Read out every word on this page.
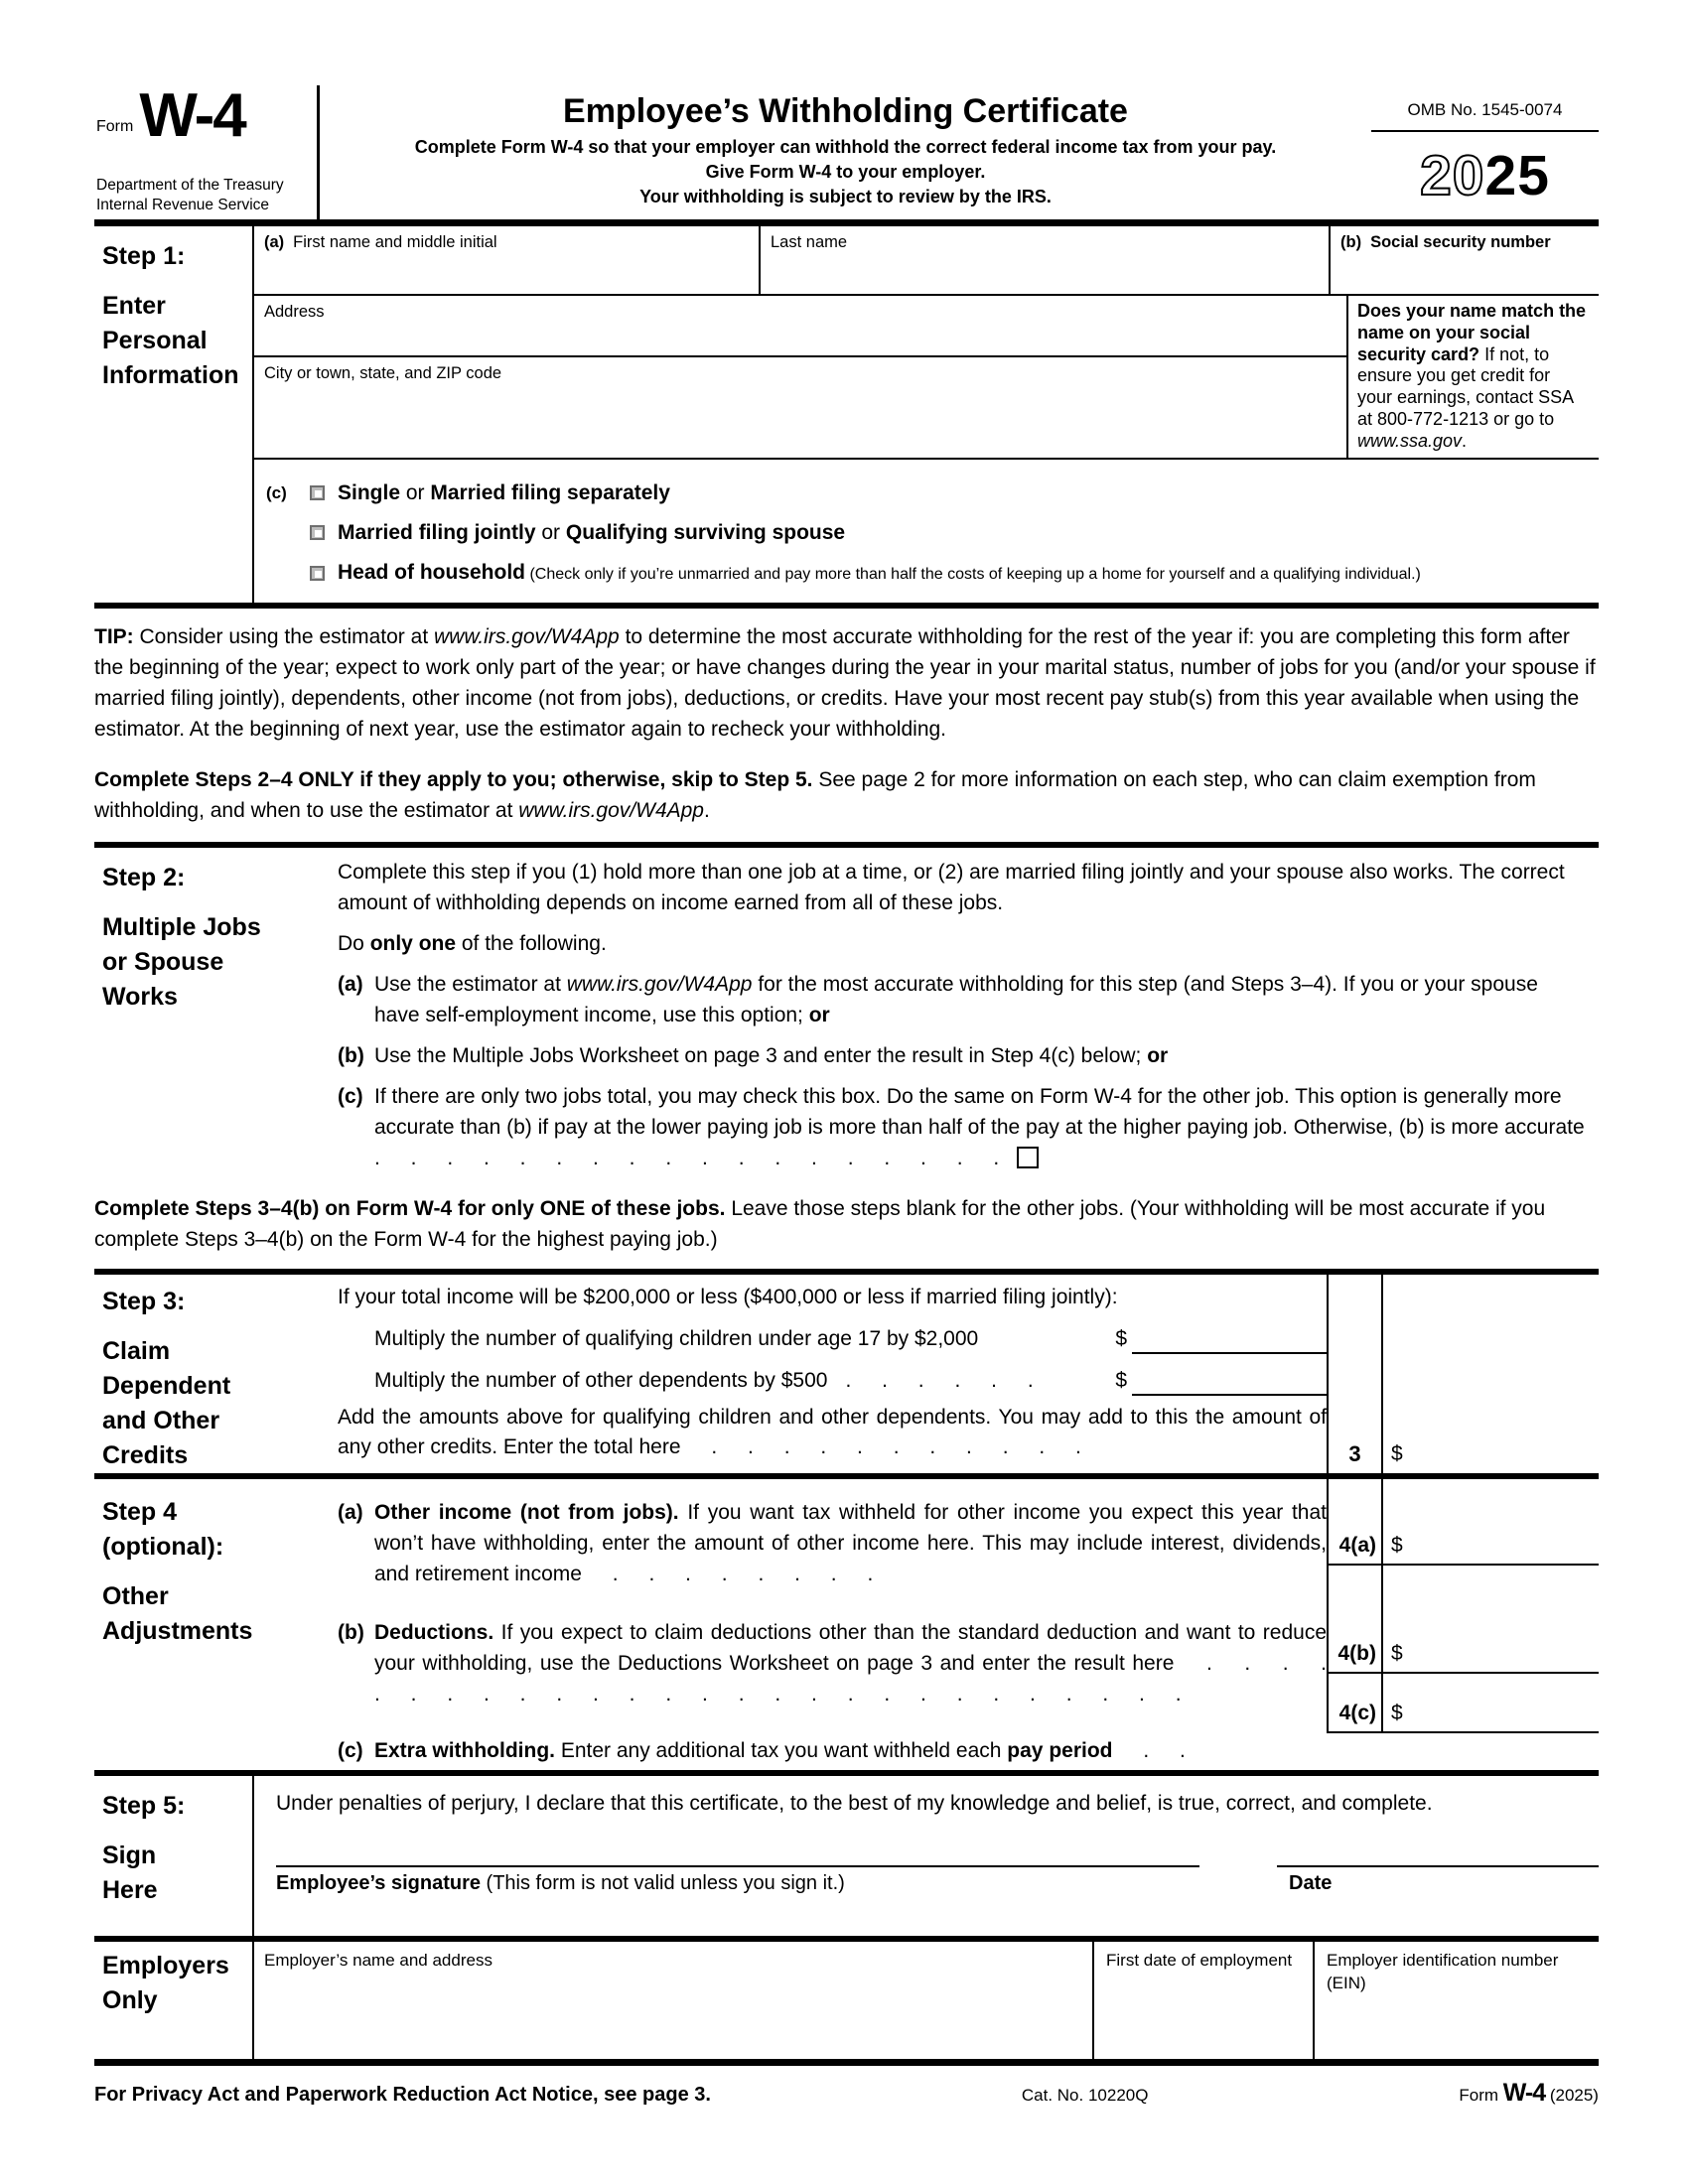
Form W-4
Department of the Treasury
Internal Revenue Service
Employee’s Withholding Certificate
Complete Form W-4 so that your employer can withhold the correct federal income tax from your pay.
Give Form W-4 to your employer.
Your withholding is subject to review by the IRS.
OMB No. 1545-0074
20 25
Step 1:
Enter
Personal
Information
(a) First name and middle initial	Last name	(b) Social security number
Address
City or town, state, and ZIP code
Does your name match the name on your social security card? If not, to ensure you get credit for your earnings, contact SSA at 800-772-1213 or go to www.ssa.gov.
(c)	Single or Married filing separately
Married filing jointly or Qualifying surviving spouse
Head of household (Check only if you’re unmarried and pay more than half the costs of keeping up a home for yourself and a qualifying individual.)
TIP: Consider using the estimator at www.irs.gov/W4App to determine the most accurate withholding for the rest of the year if: you are completing this form after the beginning of the year; expect to work only part of the year; or have changes during the year in your marital status, number of jobs for you (and/or your spouse if married filing jointly), dependents, other income (not from jobs), deductions, or credits. Have your most recent pay stub(s) from this year available when using the estimator. At the beginning of next year, use the estimator again to recheck your withholding.
Complete Steps 2–4 ONLY if they apply to you; otherwise, skip to Step 5. See page 2 for more information on each step, who can claim exemption from withholding, and when to use the estimator at www.irs.gov/W4App.
Step 2:
Multiple Jobs
or Spouse
Works
Complete this step if you (1) hold more than one job at a time, or (2) are married filing jointly and your spouse also works. The correct amount of withholding depends on income earned from all of these jobs.
Do only one of the following.
(a) Use the estimator at www.irs.gov/W4App for the most accurate withholding for this step (and Steps 3–4). If you or your spouse have self-employment income, use this option; or
(b) Use the Multiple Jobs Worksheet on page 3 and enter the result in Step 4(c) below; or
(c) If there are only two jobs total, you may check this box. Do the same on Form W-4 for the other job. This option is generally more accurate than (b) if pay at the lower paying job is more than half of the pay at the higher paying job. Otherwise, (b) is more accurate . . . . . . . . . . . . . . . . . .
Complete Steps 3–4(b) on Form W-4 for only ONE of these jobs. Leave those steps blank for the other jobs. (Your withholding will be most accurate if you complete Steps 3–4(b) on the Form W-4 for the highest paying job.)
Step 3:
Claim
Dependent
and Other
Credits
If your total income will be $200,000 or less ($400,000 or less if married filing jointly):
Multiply the number of qualifying children under age 17 by $2,000	$
Multiply the number of other dependents by $500 . . . . . .	$
Add the amounts above for qualifying children and other dependents. You may add to this the amount of any other credits. Enter the total here . . . . . . . . . . .	3	$
Step 4
(optional):
Other
Adjustments
(a) Other income (not from jobs). If you want tax withheld for other income you expect this year that won’t have withholding, enter the amount of other income here. This may include interest, dividends, and retirement income . . . . . . . .
(b) Deductions. If you expect to claim deductions other than the standard deduction and want to reduce your withholding, use the Deductions Worksheet on page 3 and enter the result here . . . . . . . . . . . . . . . . . . . . . . . . . . .
(c) Extra withholding. Enter any additional tax you want withheld each pay period . .
4(a) $
4(b) $
4(c) $
Step 5:
Sign
Here
Under penalties of perjury, I declare that this certificate, to the best of my knowledge and belief, is true, correct, and complete.
Employee’s signature (This form is not valid unless you sign it.)	Date
Employers
Only
Employer’s name and address	First date of employment	Employer identification number (EIN)
For Privacy Act and Paperwork Reduction Act Notice, see page 3.	Cat. No. 10220Q	Form W-4 (2025)
